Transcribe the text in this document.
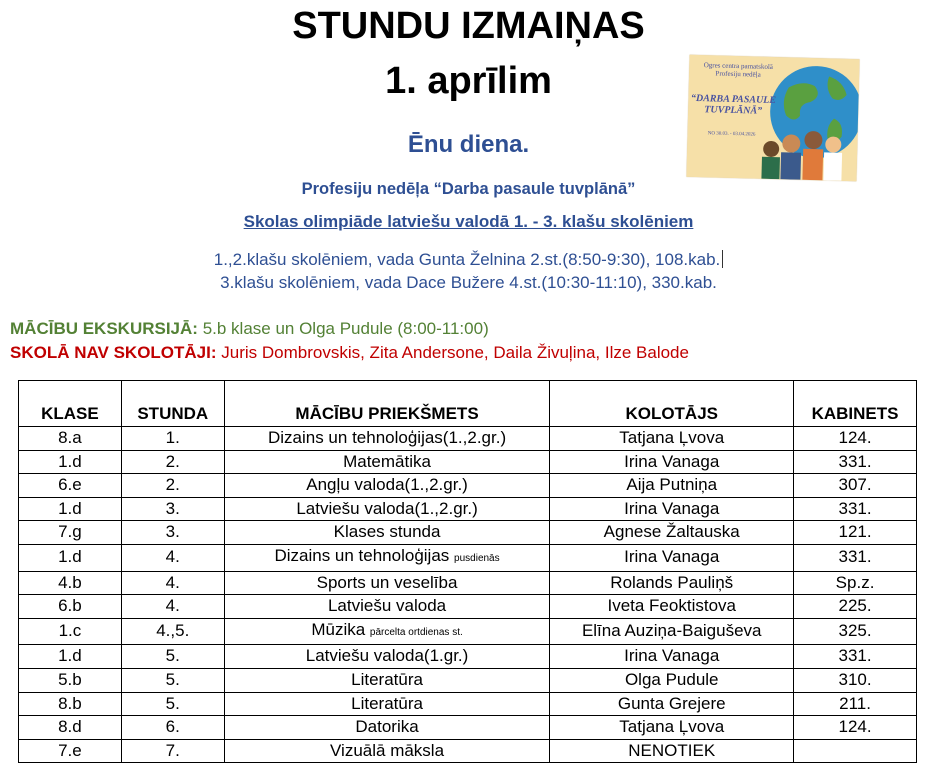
STUNDU IZMAIŅAS
1. aprīlim	Ogres centra pamatskolā Profesiju nedēļa
“DARBA PASAULE TUVPLĀNĀ”
NO 30.03. - 03.04.2026
Ēnu diena.
Profesiju nedēļa “Darba pasaule tuvplānā”
Skolas olimpiāde latviešu valodā 1. - 3. klašu skolēniem
1.,2.klašu skolēniem, vada Gunta Želnina 2.st.(8:50-9:30), 108.kab.
3.klašu skolēniem, vada Dace Bužere 4.st.(10:30-11:10), 330.kab.
MĀCĪBU EKSKURSIJĀ: 5.b klase un Olga Pudule (8:00-11:00)
SKOLĀ NAV SKOLOTĀJI: Juris Dombrovskis, Zita Andersone, Daila Živuļina, Ilze Balode
KLASE	STUNDA	MĀCĪBU PRIEKŠMETS	KOLOTĀJS	KABINETS
8.a	1.	Dizains un tehnoloģijas(1.,2.gr.)	Tatjana Ļvova	124.
1.d	2.	Matemātika	Irina Vanaga	331.
6.e	2.	Angļu valoda(1.,2.gr.)	Aija Putniņa	307.
1.d	3.	Latviešu valoda(1.,2.gr.)	Irina Vanaga	331.
7.g	3.	Klases stunda	Agnese Žaltauska	121.
1.d	4.	Dizains un tehnoloģijas pusdienās	Irina Vanaga	331.
4.b	4.	Sports un veselība	Rolands Pauliņš	Sp.z.
6.b	4.	Latviešu valoda	Iveta Feoktistova	225.
1.c	4.,5.	Mūzika pārcelta ortdienas st.	Elīna Auziņa-Baiguševa	325.
1.d	5.	Latviešu valoda(1.gr.)	Irina Vanaga	331.
5.b	5.	Literatūra	Olga Pudule	310.
8.b	5.	Literatūra	Gunta Grejere	211.
8.d	6.	Datorika	Tatjana Ļvova	124.
7.e	7.	Vizuālā māksla	NENOTIEK	
